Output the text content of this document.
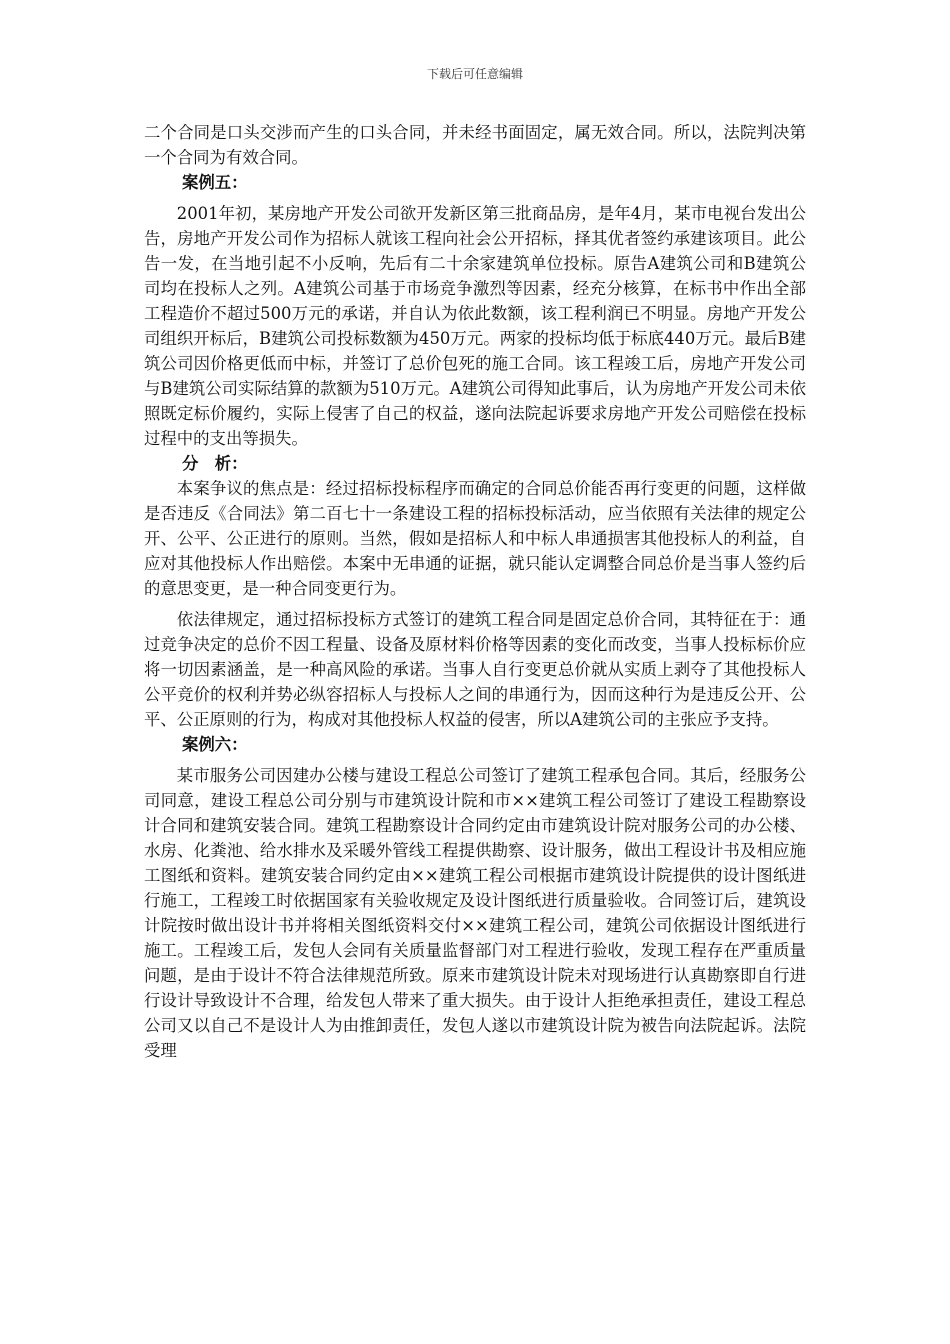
下载后可任意编辑

二个合同是口头交涉而产生的口头合同，并未经书面固定，属无效合同。所以，法院判决第一个合同为有效合同。

案例五：

2001年初，某房地产开发公司欲开发新区第三批商品房，是年4月，某市电视台发出公告，房地产开发公司作为招标人就该工程向社会公开招标，择其优者签约承建该项目。此公告一发，在当地引起不小反响，先后有二十余家建筑单位投标。原告A建筑公司和B建筑公司均在投标人之列。A建筑公司基于市场竞争激烈等因素，经充分核算，在标书中作出全部工程造价不超过500万元的承诺，并自认为依此数额，该工程利润已不明显。房地产开发公司组织开标后，B建筑公司投标数额为450万元。两家的投标均低于标底440万元。最后B建筑公司因价格更低而中标，并签订了总价包死的施工合同。该工程竣工后，房地产开发公司与B建筑公司实际结算的款额为510万元。A建筑公司得知此事后，认为房地产开发公司未依照既定标价履约，实际上侵害了自己的权益，遂向法院起诉要求房地产开发公司赔偿在投标过程中的支出等损失。

分　析：

本案争议的焦点是：经过招标投标程序而确定的合同总价能否再行变更的问题，这样做是否违反《合同法》第二百七十一条建设工程的招标投标活动，应当依照有关法律的规定公开、公平、公正进行的原则。当然，假如是招标人和中标人串通损害其他投标人的利益，自应对其他投标人作出赔偿。本案中无串通的证据，就只能认定调整合同总价是当事人签约后的意思变更，是一种合同变更行为。

依法律规定，通过招标投标方式签订的建筑工程合同是固定总价合同，其特征在于：通过竞争决定的总价不因工程量、设备及原材料价格等因素的变化而改变，当事人投标标价应将一切因素涵盖，是一种高风险的承诺。当事人自行变更总价就从实质上剥夺了其他投标人公平竞价的权利并势必纵容招标人与投标人之间的串通行为，因而这种行为是违反公开、公平、公正原则的行为，构成对其他投标人权益的侵害，所以A建筑公司的主张应予支持。

案例六：

某市服务公司因建办公楼与建设工程总公司签订了建筑工程承包合同。其后，经服务公司同意，建设工程总公司分别与市建筑设计院和市××建筑工程公司签订了建设工程勘察设计合同和建筑安装合同。建筑工程勘察设计合同约定由市建筑设计院对服务公司的办公楼、水房、化粪池、给水排水及采暖外管线工程提供勘察、设计服务，做出工程设计书及相应施工图纸和资料。建筑安装合同约定由××建筑工程公司根据市建筑设计院提供的设计图纸进行施工，工程竣工时依据国家有关验收规定及设计图纸进行质量验收。合同签订后，建筑设计院按时做出设计书并将相关图纸资料交付××建筑工程公司，建筑公司依据设计图纸进行施工。工程竣工后，发包人会同有关质量监督部门对工程进行验收，发现工程存在严重质量问题，是由于设计不符合法律规范所致。原来市建筑设计院未对现场进行认真勘察即自行进行设计导致设计不合理，给发包人带来了重大损失。由于设计人拒绝承担责任，建设工程总公司又以自己不是设计人为由推卸责任，发包人遂以市建筑设计院为被告向法院起诉。法院受理
